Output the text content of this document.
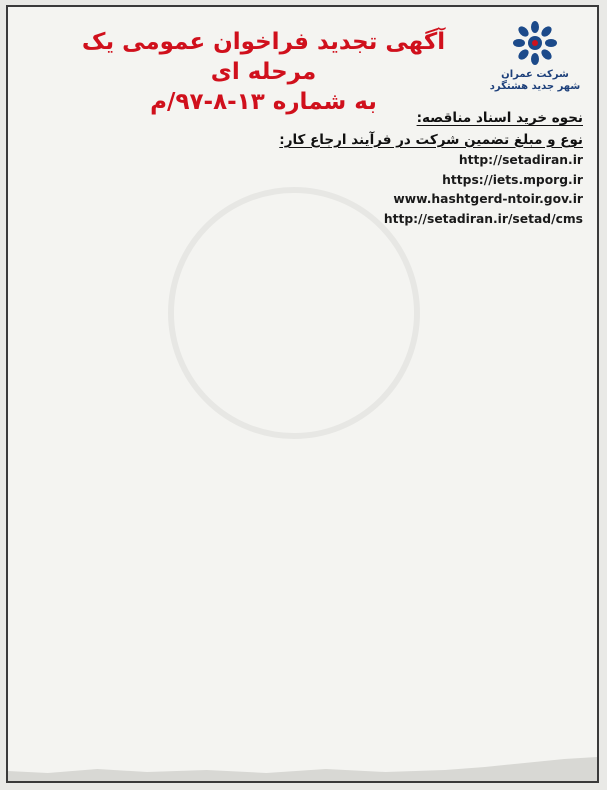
شرکت عمران
شهر جدید هشتگرد
آگهی تجدید فراخوان عمومی یک مرحله ای
به شماره ۱۳-۸-۹۷/م

نحوه خرید اسناد مناقصه:

نوع و مبلغ تضمین شرکت در فرآیند ارجاع کار:

http://setadiran.ir

https://iets.mporg.ir

www.hashtgerd-ntoir.gov.ir

http://setadiran.ir/setad/cms
